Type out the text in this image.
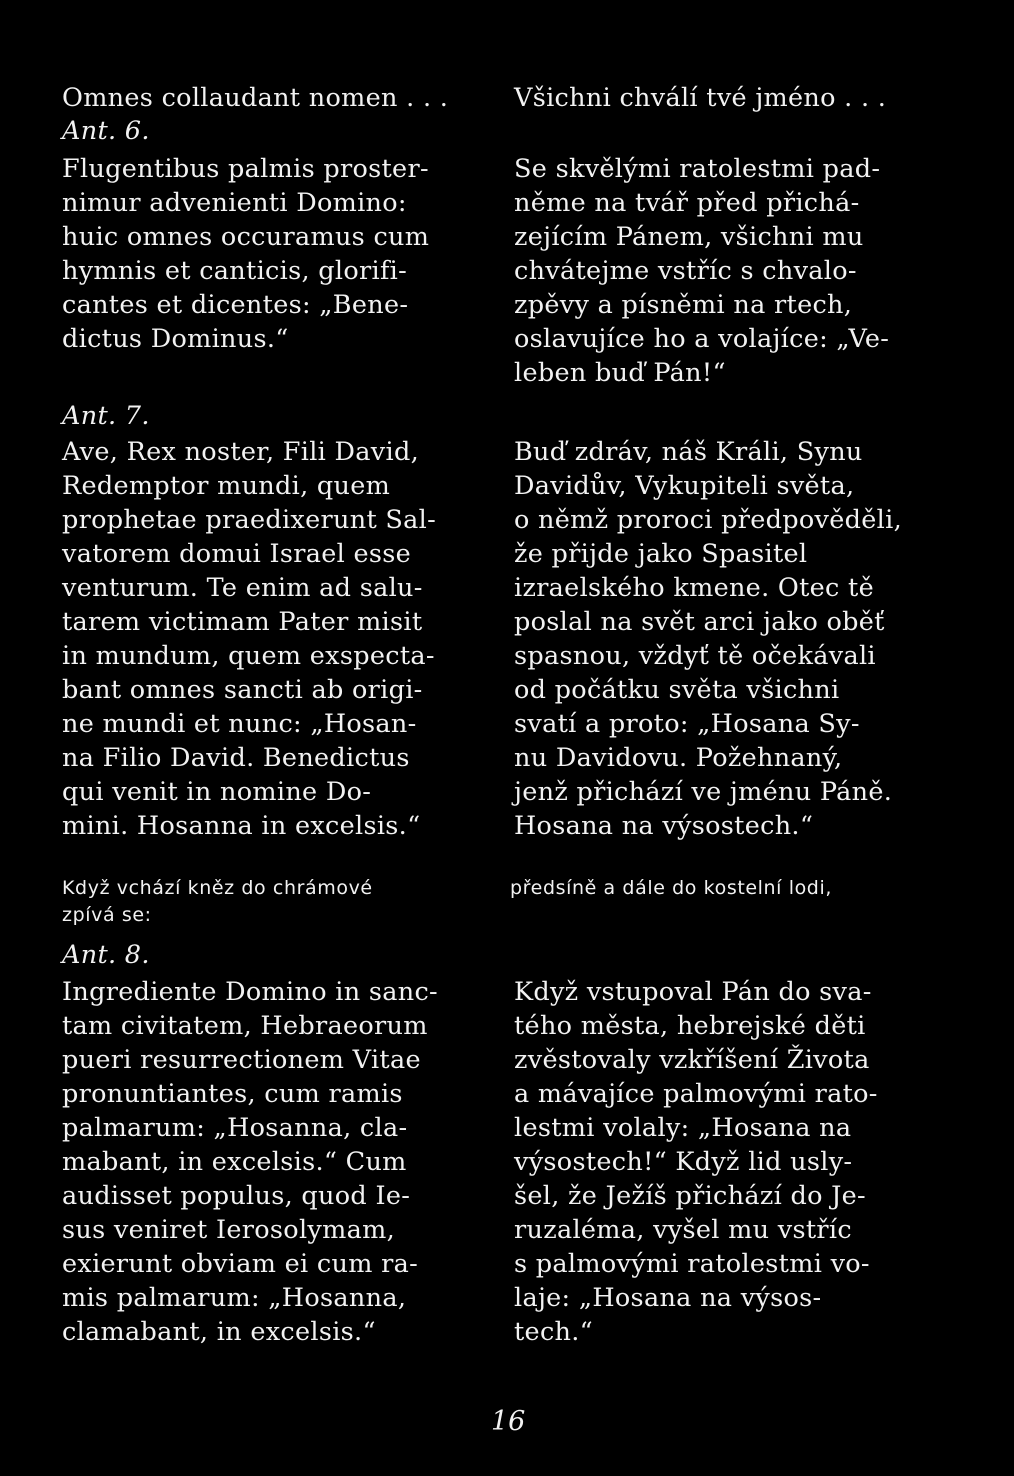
Omnes collaudant nomen . . .	Všichni chválí tvé jméno . . .
Ant. 6.
Flugentibus palmis proster-
nimur advenienti Domino:
huic omnes occuramus cum
hymnis et canticis, glorifi-
cantes et dicentes: „Bene-
dictus Dominus.“
Se skvělými ratolestmi pad-
něme na tvář před přichá-
zejícím Pánem, všichni mu
chvátejme vstříc s chvalo-
zpěvy a písněmi na rtech,
oslavujíce ho a volajíce: „Ve-
leben buď Pán!“
Ant. 7.
Ave, Rex noster, Fili David,
Redemptor mundi, quem
prophetae praedixerunt Sal-
vatorem domui Israel esse
venturum. Te enim ad salu-
tarem victimam Pater misit
in mundum, quem exspecta-
bant omnes sancti ab origi-
ne mundi et nunc: „Hosan-
na Filio David. Benedictus
qui venit in nomine Do-
mini. Hosanna in excelsis.“
Buď zdráv, náš Králi, Synu
Davidův, Vykupiteli světa,
o němž proroci předpověděli,
že přijde jako Spasitel
izraelského kmene. Otec tě
poslal na svět arci jako oběť
spasnou, vždyť tě očekávali
od počátku světa všichni
svatí a proto: „Hosana Sy-
nu Davidovu. Požehnaný,
jenž přichází ve jménu Páně.
Hosana na výsostech.“
Když vchází kněz do chrámové	předsíně a dále do kostelní lodi,
zpívá se:
Ant. 8.
Ingrediente Domino in sanc-
tam civitatem, Hebraeorum
pueri resurrectionem Vitae
pronuntiantes, cum ramis
palmarum: „Hosanna, cla-
mabant, in excelsis.“ Cum
audisset populus, quod Ie-
sus veniret Ierosolymam,
exierunt obviam ei cum ra-
mis palmarum: „Hosanna,
clamabant, in excelsis.“
Když vstupoval Pán do sva-
tého města, hebrejské děti
zvěstovaly vzkříšení Života
a mávajíce palmovými rato-
lestmi volaly: „Hosana na
výsostech!“ Když lid usly-
šel, že Ježíš přichází do Je-
ruzaléma, vyšel mu vstříc
s palmovými ratolestmi vo-
laje: „Hosana na výsos-
tech.“
16
